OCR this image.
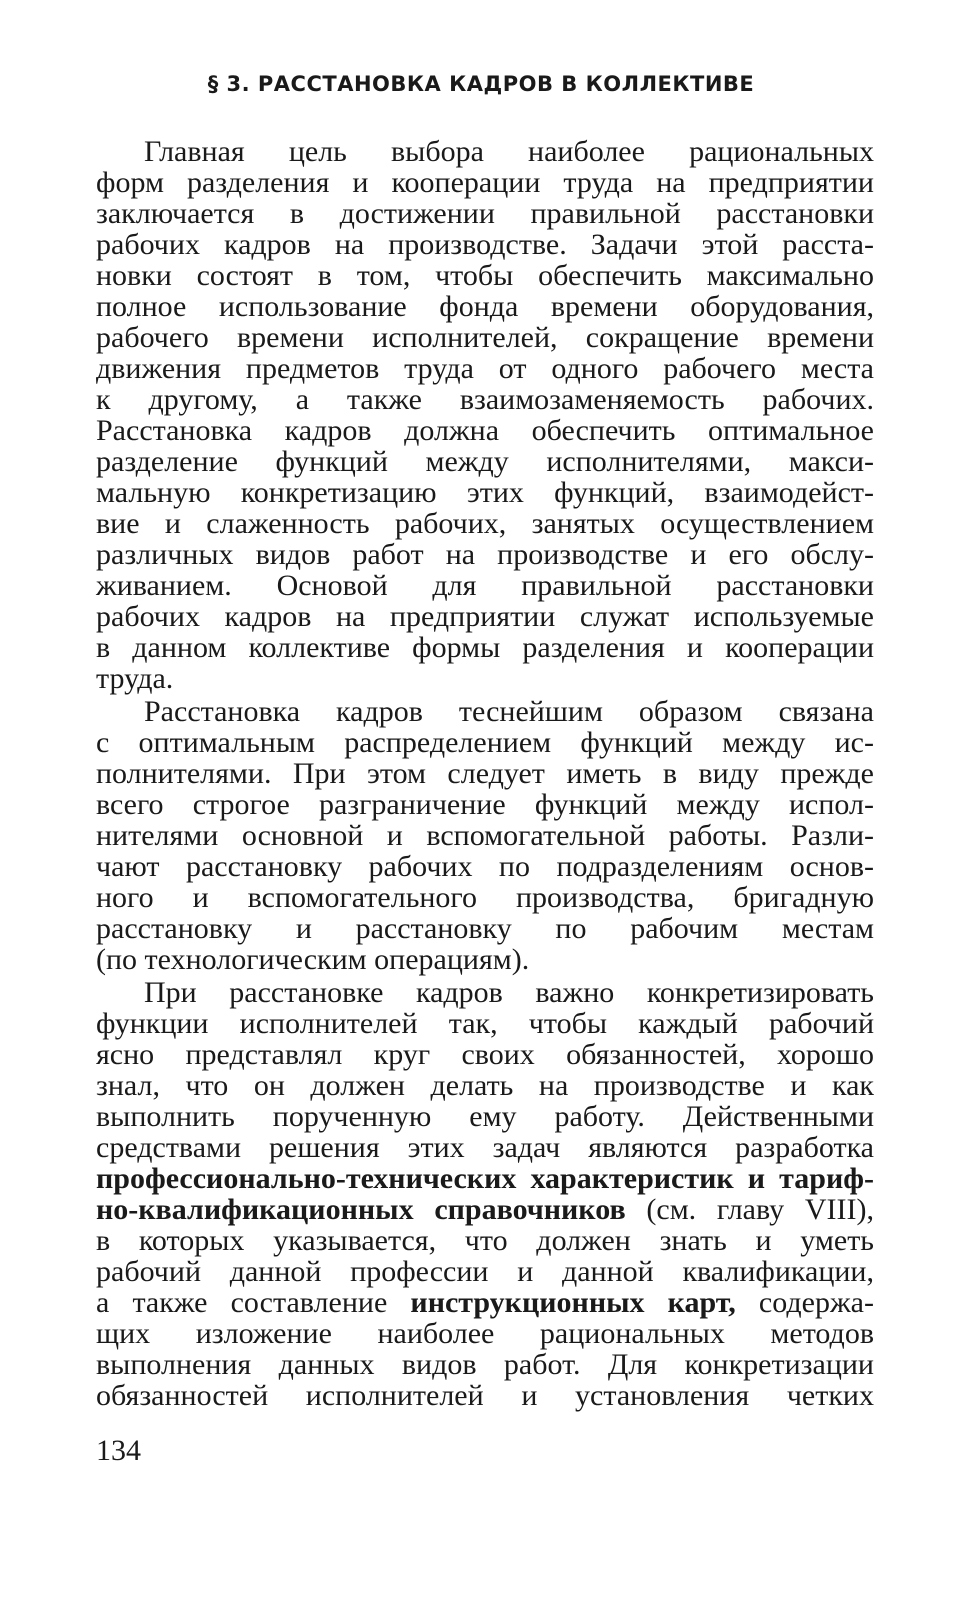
§ 3. РАССТАНОВКА КАДРОВ В КОЛЛЕКТИВЕ
Главная цель выбора наиболее рациональных
форм разделения и кооперации труда на предприятии
заключается в достижении правильной расстановки
рабочих кадров на производстве. Задачи этой расста-
новки состоят в том, чтобы обеспечить максимально
полное использование фонда времени оборудования,
рабочего времени исполнителей, сокращение времени
движения предметов труда от одного рабочего места
к другому, а также взаимозаменяемость рабочих.
Расстановка кадров должна обеспечить оптимальное
разделение функций между исполнителями, макси-
мальную конкретизацию этих функций, взаимодейст-
вие и слаженность рабочих, занятых осуществлением
различных видов работ на производстве и его обслу-
живанием. Основой для правильной расстановки
рабочих кадров на предприятии служат используемые
в данном коллективе формы разделения и кооперации
труда.
Расстановка кадров теснейшим образом связана
с оптимальным распределением функций между ис-
полнителями. При этом следует иметь в виду прежде
всего строгое разграничение функций между испол-
нителями основной и вспомогательной работы. Разли-
чают расстановку рабочих по подразделениям основ-
ного и вспомогательного производства, бригадную
расстановку и расстановку по рабочим местам
(по технологическим операциям).
При расстановке кадров важно конкретизировать
функции исполнителей так, чтобы каждый рабочий
ясно представлял круг своих обязанностей, хорошо
знал, что он должен делать на производстве и как
выполнить порученную ему работу. Действенными
средствами решения этих задач являются разработка
профессионально-технических характеристик и тариф-
но-квалификационных справочников (см. главу VIII),
в которых указывается, что должен знать и уметь
рабочий данной профессии и данной квалификации,
а также составление инструкционных карт, содержа-
щих изложение наиболее рациональных методов
выполнения данных видов работ. Для конкретизации
обязанностей исполнителей и установления четких
134
